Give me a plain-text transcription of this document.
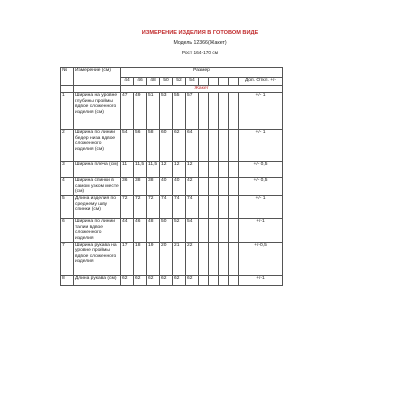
ИЗМЕРЕНИЕ ИЗДЕЛИЯ В ГОТОВОМ ВИДЕ
Модель 12366(Жакет)
Рост 164-170 см
№	Измерение (см)	Размер										
		44	46	48	50	52	54					Доп. Откл. +/-
		Жакет										
1	Ширина на уровне глубины проймы вдвое сложенного изделия (см)	47	49	51	53	55	57					+/- 1
2	Ширина по линии бедер низа вдвое сложенного изделия (см)	54	56	58	60	62	64					+/- 1
3	Ширина плеча (см)	11	11,5	11,5	12	12	12					+/- 0,5
4	Ширина спинки в самом узком месте (см)	36	38	38	40	40	42					+/- 0,5
5	Длина изделия по среднему шву спинки (см)	72	72	72	74	74	74					+/- 1
6	Ширина по линии талии вдвое сложенного изделия	44	46	48	50	52	54					+/-1
7	Ширина рукава на уровне проймы вдвое сложенного изделия	17	18	19	20	21	22					+/-0,5
8	Длина рукава (см)	62	62	62	62	62	62					+/-1
